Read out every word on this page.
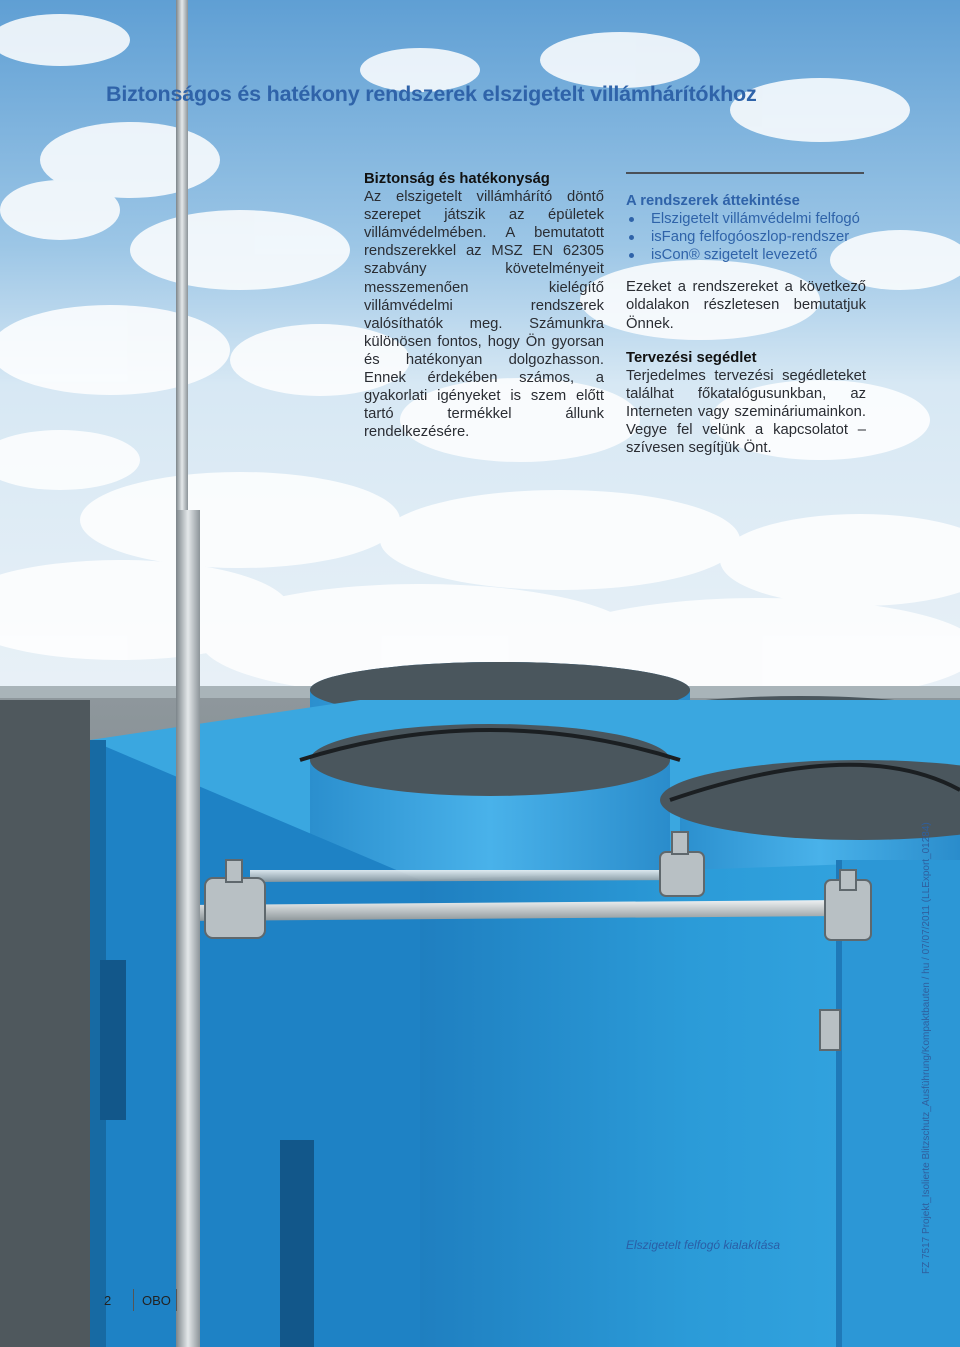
Biztonságos és hatékony rendszerek elszigetelt villámhárítókhoz

Biztonság és hatékonyság

Az elszigetelt villámhárító döntő szerepet játszik az épületek villámvédelmében. A bemutatott rendszerekkel az MSZ EN 62305 szabvány követelményeit messzemenően kielégítő villámvédelmi rendszerek valósíthatók meg. Számunkra különösen fontos, hogy Ön gyorsan és hatékonyan dolgozhasson. Ennek érdekében számos, a gyakorlati igényeket is szem előtt tartó termékkel állunk rendelkezésére.

A rendszerek áttekintése

Elszigetelt villámvédelmi felfogó
isFang felfogóoszlop-rendszer
isCon® szigetelt levezető

Ezeket a rendszereket a következő oldalakon részletesen bemutatjuk Önnek.

Tervezési segédlet

Terjedelmes tervezési segédleteket találhat főkatalógusunkban, az Interneten vagy szemináriumainkon. Vegye fel velünk a kapcsolatot – szívesen segítjük Önt.

Elszigetelt felfogó kialakítása
2 OBO
FZ 7517 Projekt_Isolierte Blitzschutz_Ausführung/Kompaktbauten / hu / 07/07/2011 (LLExport_01284)
